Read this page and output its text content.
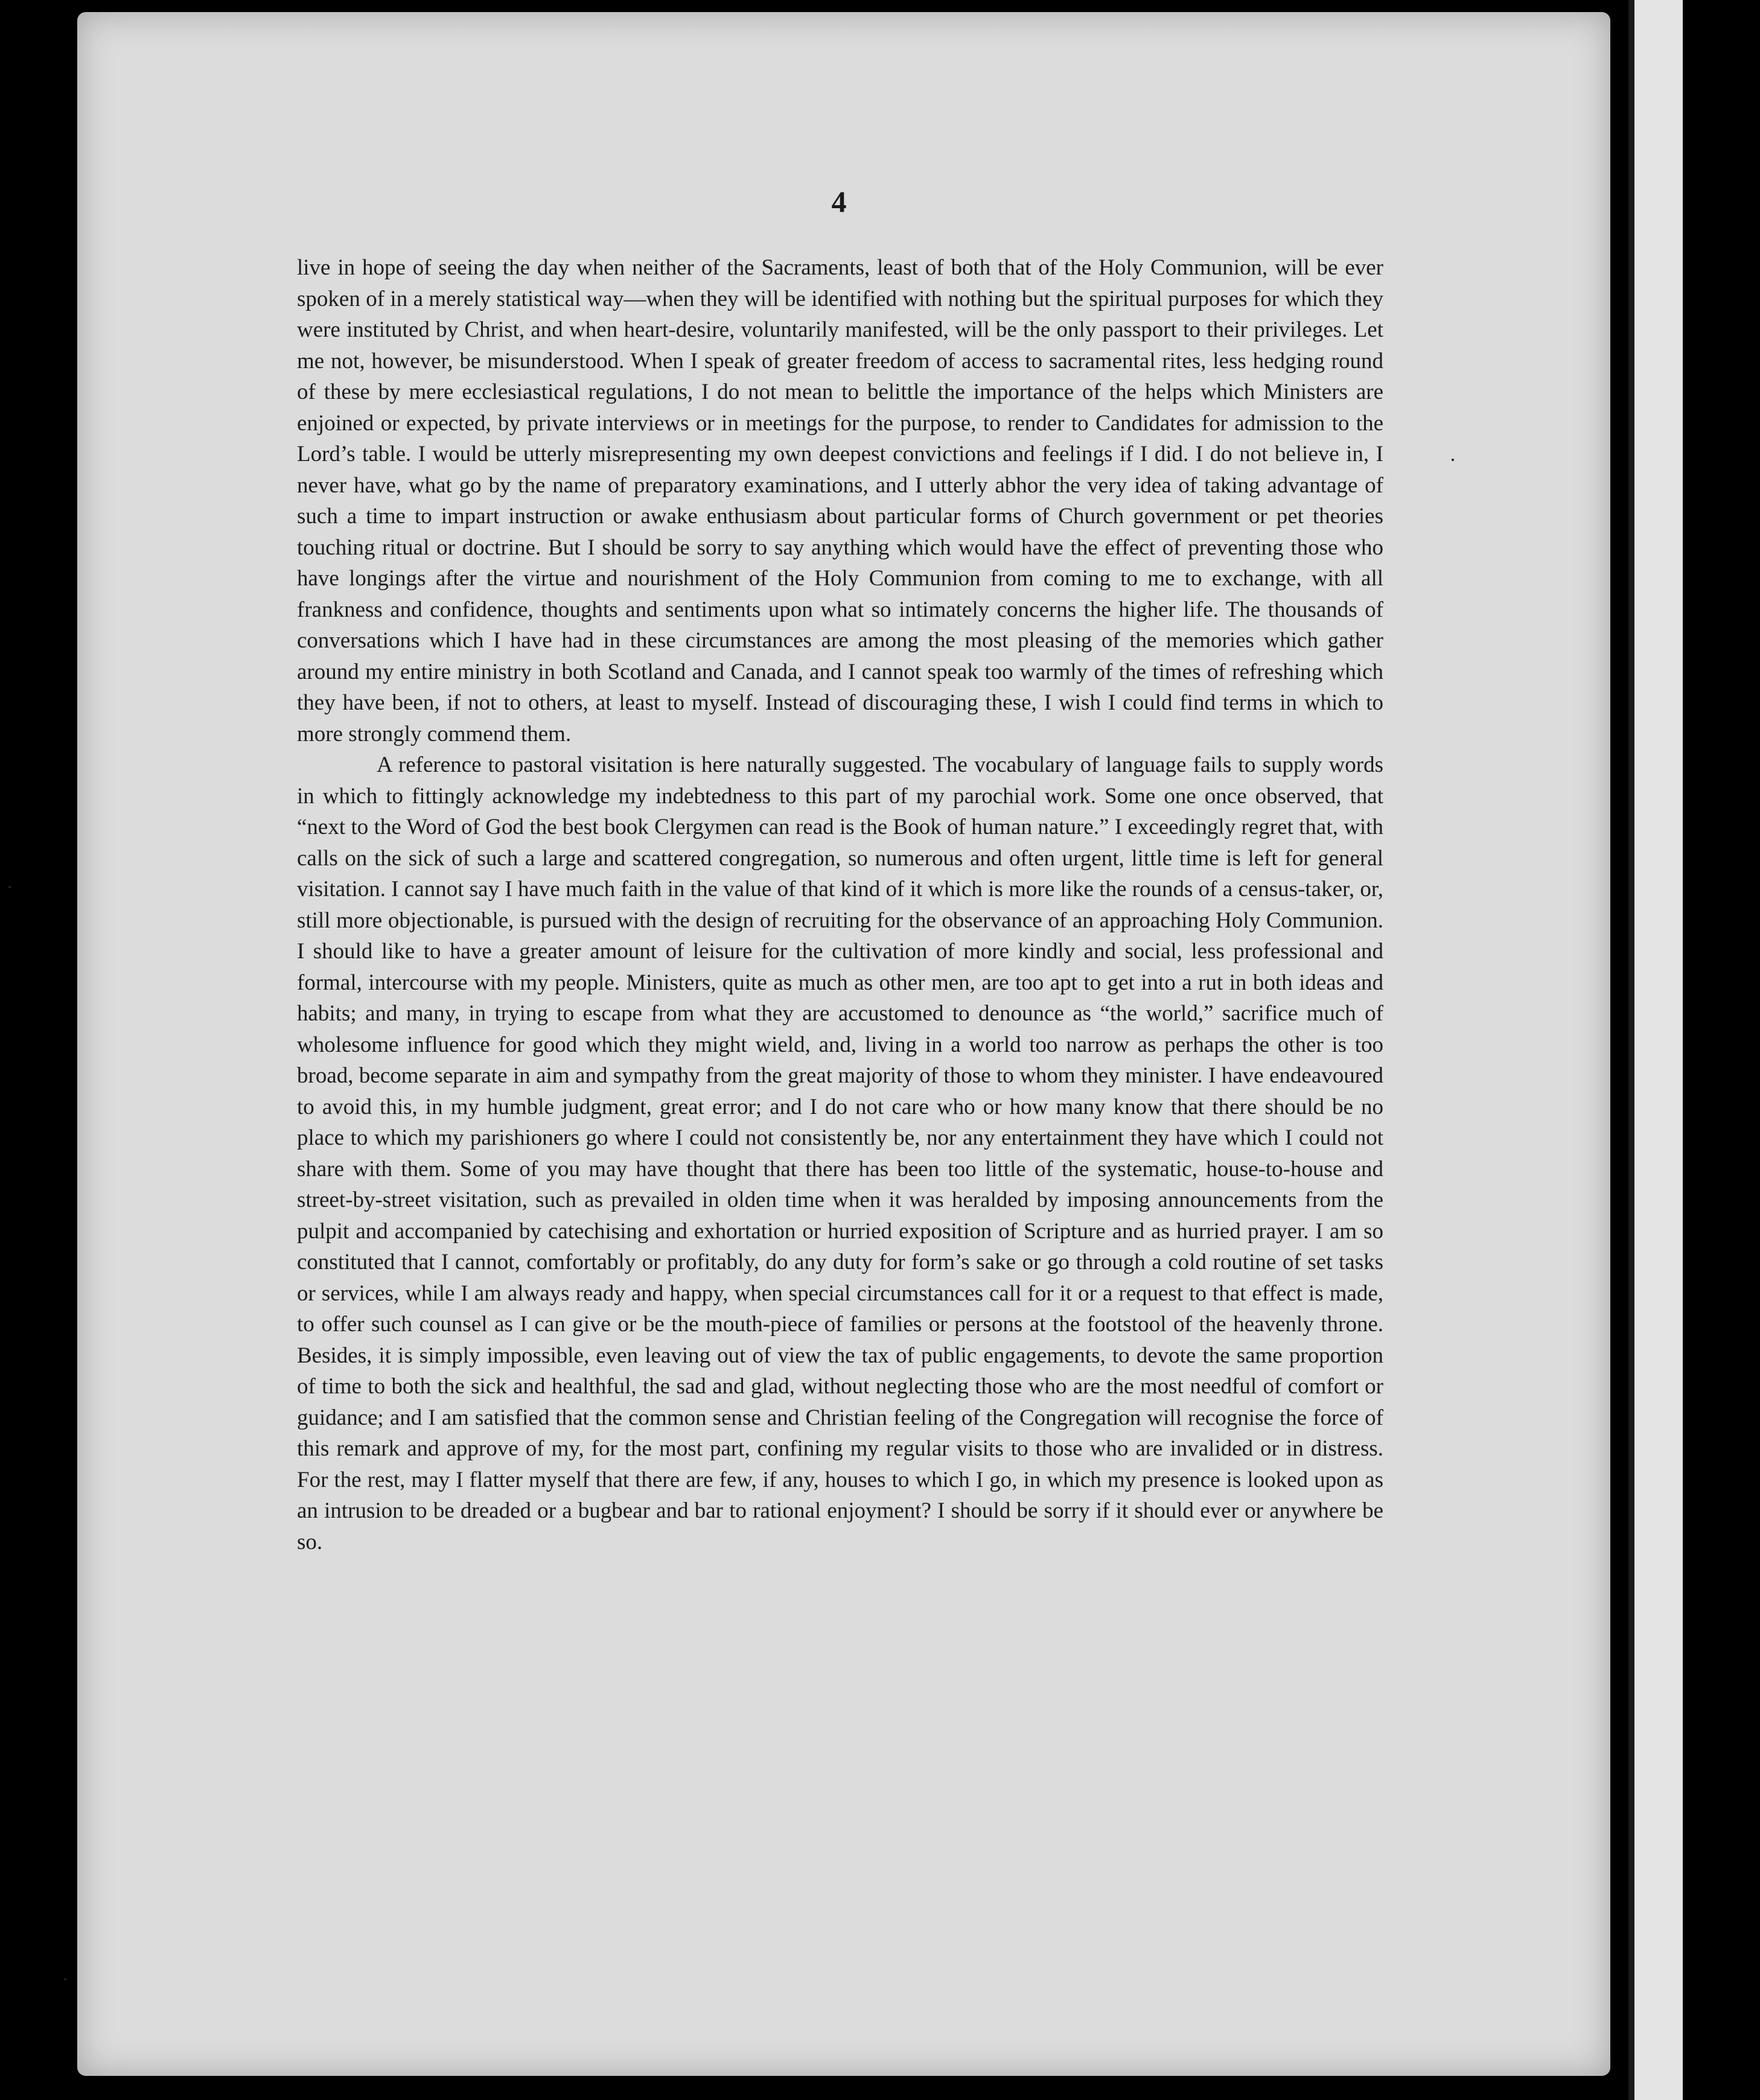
4

live in hope of seeing the day when neither of the Sacraments, least of both that of the Holy Communion, will be ever spoken of in a merely statistical way—when they will be identified with nothing but the spiritual purposes for which they were instituted by Christ, and when heart-desire, voluntarily manifested, will be the only passport to their privileges. Let me not, however, be misunderstood. When I speak of greater freedom of access to sacramental rites, less hedging round of these by mere ecclesiastical regulations, I do not mean to belittle the importance of the helps which Ministers are enjoined or expected, by private interviews or in meetings for the purpose, to render to Candidates for admission to the Lord’s table. I would be utterly misrepresenting my own deepest convictions and feelings if I did. I do not believe in, I never have, what go by the name of preparatory examinations, and I utterly abhor the very idea of taking advantage of such a time to impart instruction or awake enthusiasm about particular forms of Church government or pet theories touching ritual or doctrine. But I should be sorry to say anything which would have the effect of preventing those who have longings after the virtue and nourishment of the Holy Communion from coming to me to exchange, with all frankness and confidence, thoughts and sentiments upon what so intimately concerns the higher life. The thousands of conversations which I have had in these circumstances are among the most pleasing of the memories which gather around my entire ministry in both Scotland and Canada, and I cannot speak too warmly of the times of refreshing which they have been, if not to others, at least to myself. Instead of discouraging these, I wish I could find terms in which to more strongly commend them.

A reference to pastoral visitation is here naturally suggested. The vocabulary of language fails to supply words in which to fittingly acknowledge my indebtedness to this part of my parochial work. Some one once observed, that “next to the Word of God the best book Clergymen can read is the Book of human nature.” I exceedingly regret that, with calls on the sick of such a large and scattered congregation, so numerous and often urgent, little time is left for general visitation. I cannot say I have much faith in the value of that kind of it which is more like the rounds of a census-taker, or, still more objectionable, is pursued with the design of recruiting for the observance of an approaching Holy Communion. I should like to have a greater amount of leisure for the cultivation of more kindly and social, less professional and formal, intercourse with my people. Ministers, quite as much as other men, are too apt to get into a rut in both ideas and habits; and many, in trying to escape from what they are accustomed to denounce as “the world,” sacrifice much of wholesome influence for good which they might wield, and, living in a world too narrow as perhaps the other is too broad, become separate in aim and sympathy from the great majority of those to whom they minister. I have endeavoured to avoid this, in my humble judgment, great error; and I do not care who or how many know that there should be no place to which my parishioners go where I could not consistently be, nor any entertainment they have which I could not share with them. Some of you may have thought that there has been too little of the systematic, house-to-house and street-by-street visitation, such as prevailed in olden time when it was heralded by imposing announcements from the pulpit and accompanied by catechising and exhortation or hurried exposition of Scripture and as hurried prayer. I am so constituted that I cannot, comfortably or profitably, do any duty for form’s sake or go through a cold routine of set tasks or services, while I am always ready and happy, when special circumstances call for it or a request to that effect is made, to offer such counsel as I can give or be the mouth-piece of families or persons at the footstool of the heavenly throne. Besides, it is simply impossible, even leaving out of view the tax of public engagements, to devote the same proportion of time to both the sick and healthful, the sad and glad, without neglecting those who are the most needful of comfort or guidance; and I am satisfied that the common sense and Christian feeling of the Congregation will recognise the force of this remark and approve of my, for the most part, confining my regular visits to those who are invalided or in distress. For the rest, may I flatter myself that there are few, if any, houses to which I go, in which my presence is looked upon as an intrusion to be dreaded or a bugbear and bar to rational enjoyment? I should be sorry if it should ever or anywhere be so.
